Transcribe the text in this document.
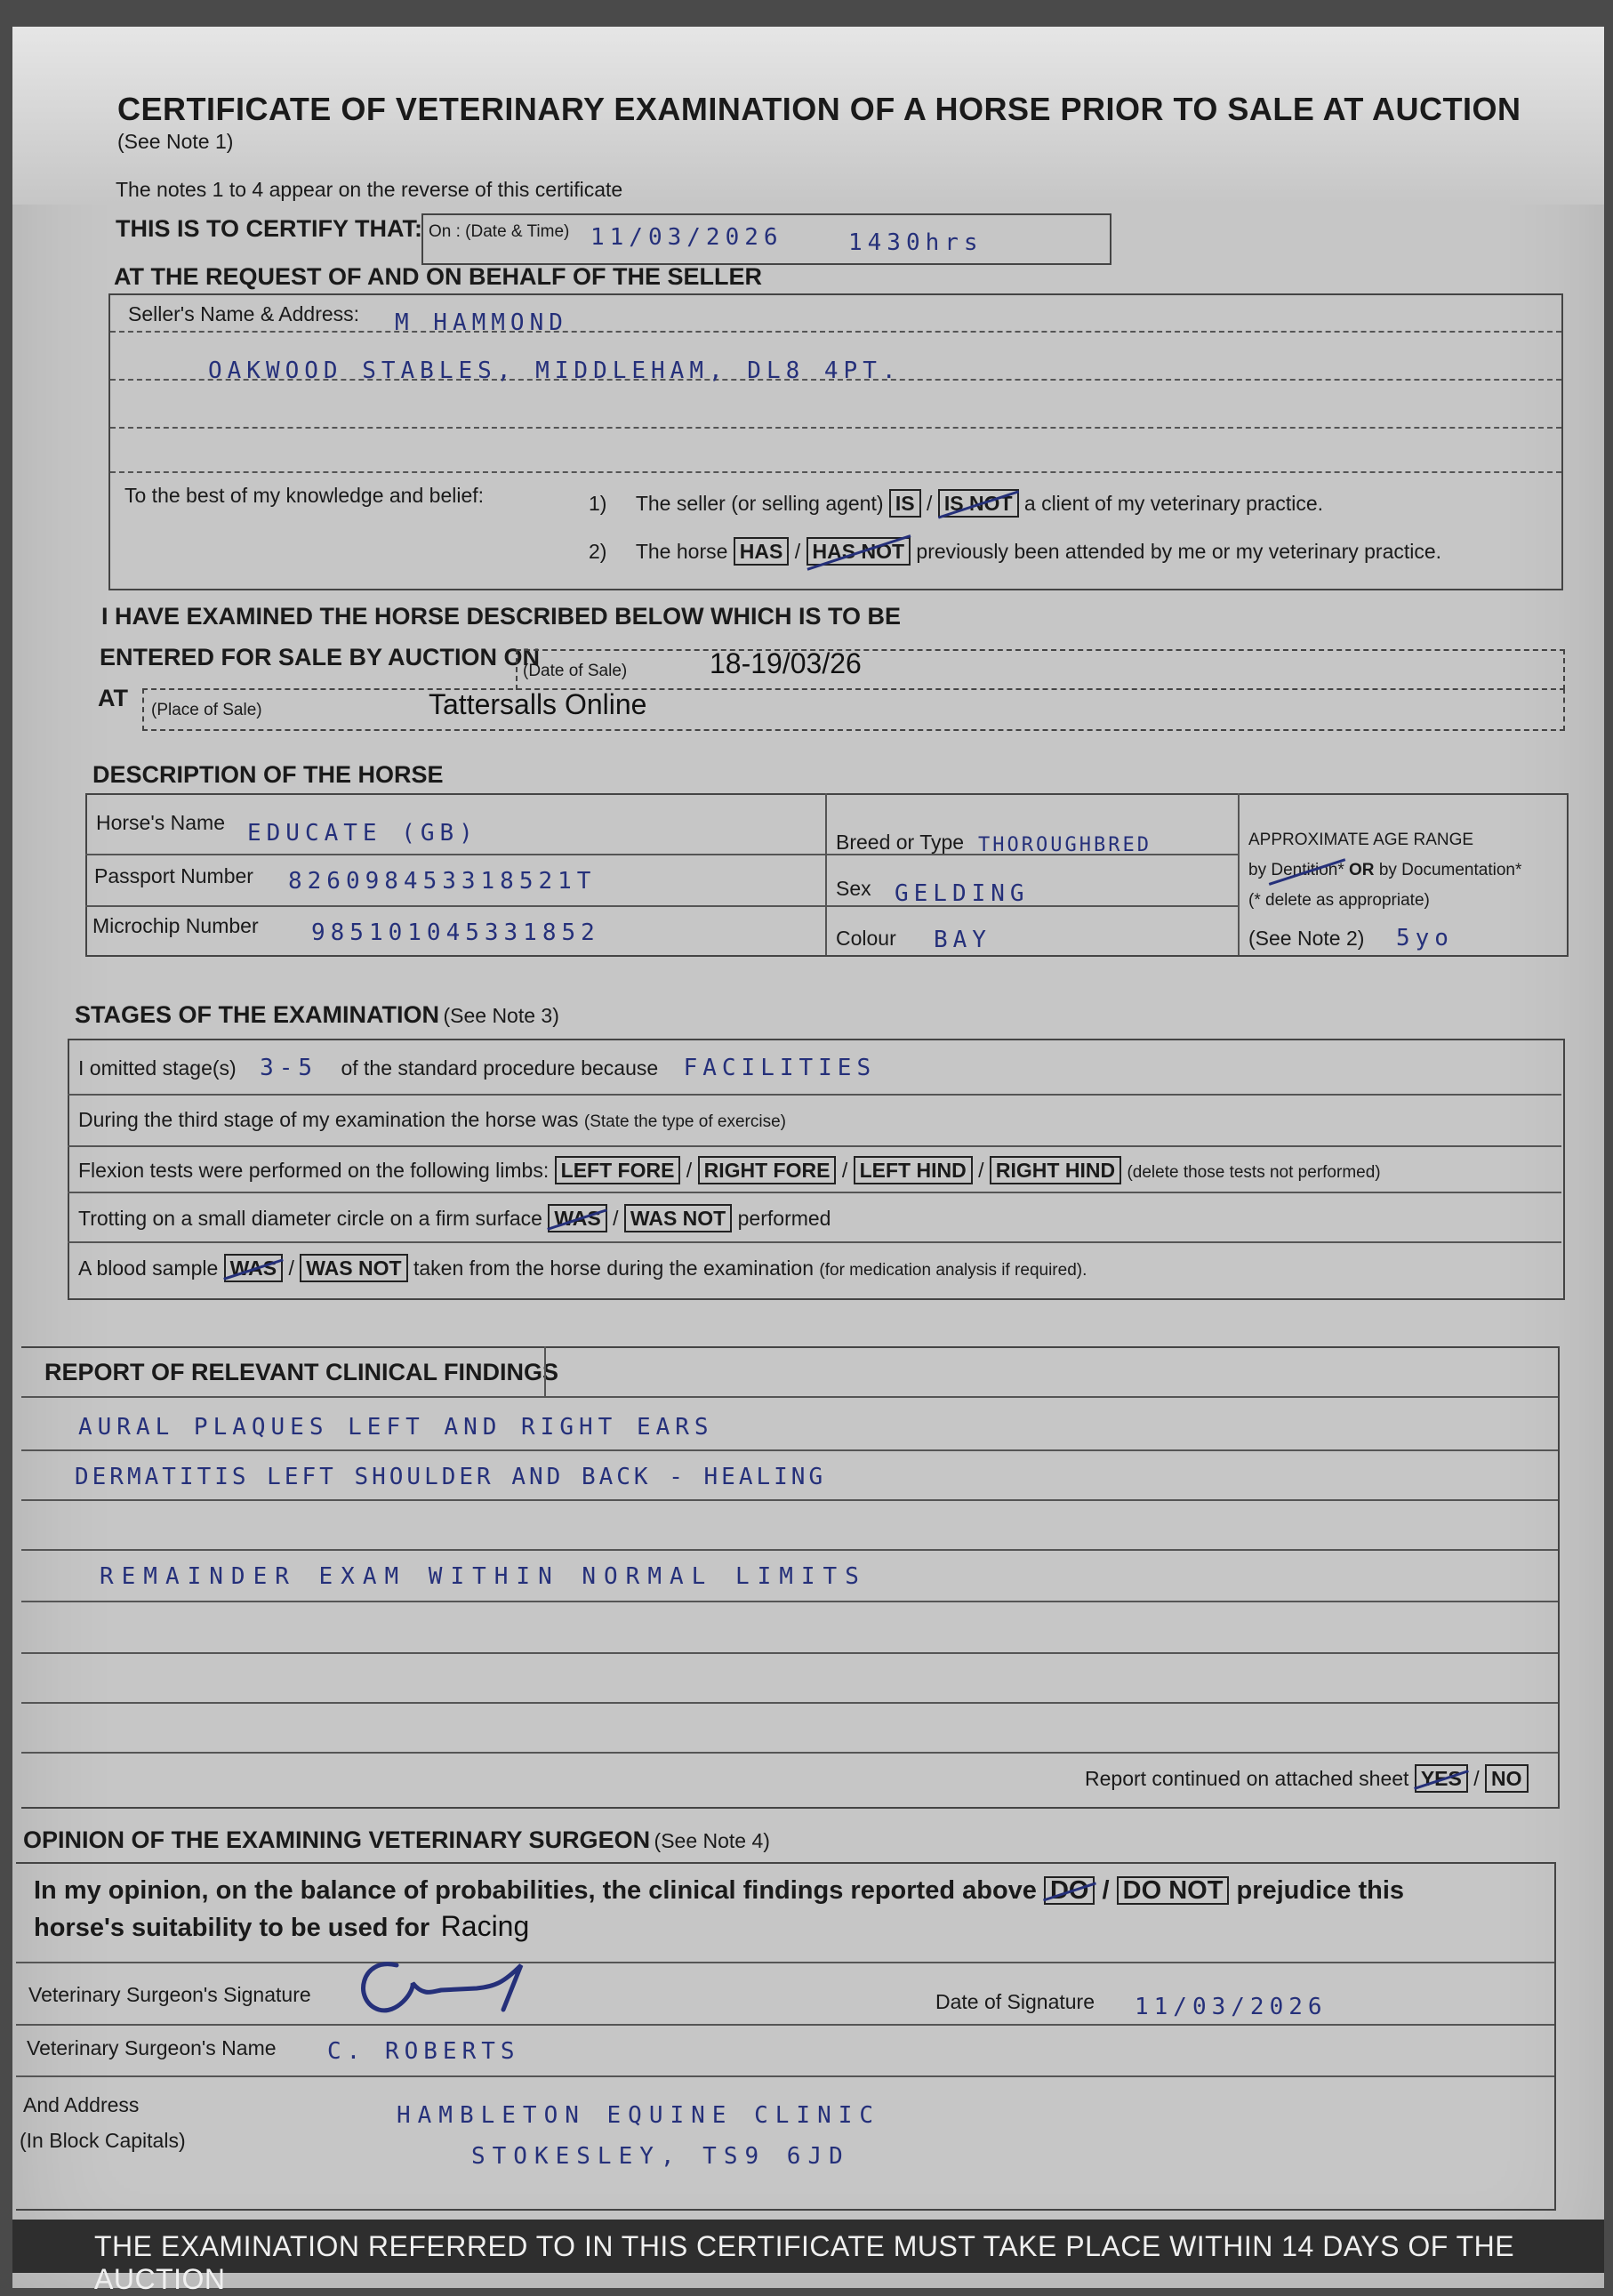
CERTIFICATE OF VETERINARY EXAMINATION OF A HORSE PRIOR TO SALE AT AUCTION
(See Note 1)
The notes 1 to 4 appear on the reverse of this certificate
THIS IS TO CERTIFY THAT: On : (Date & Time) 11/03/2026	1430hrs
AT THE REQUEST OF AND ON BEHALF OF THE SELLER
Seller's Name & Address: M HAMMOND
OAKWOOD STABLES, MIDDLEHAM, DL8 4PT.
To the best of my knowledge and belief:	1) The seller (or selling agent) IS / IS NOT a client of my veterinary practice.
2) The horse HAS / HAS NOT previously been attended by me or my veterinary practice.
I HAVE EXAMINED THE HORSE DESCRIBED BELOW WHICH IS TO BE
ENTERED FOR SALE BY AUCTION ON
(Date of Sale)	18-19/03/26
AT (Place of Sale)	Tattersalls Online
DESCRIPTION OF THE HORSE
Horse's Name EDUCATE (GB)
Passport Number 826098453318521T
Microchip Number 985101045331852
Breed or Type THOROUGHBRED
Sex GELDING
Colour BAY
APPROXIMATE AGE RANGE
by Dentition* OR by Documentation*
(* delete as appropriate)
(See Note 2) 5yo
STAGES OF THE EXAMINATION (See Note 3)
I omitted stage(s) 3-5 of the standard procedure because FACILITIES
During the third stage of my examination the horse was (State the type of exercise)
Flexion tests were performed on the following limbs: LEFT FORE / RIGHT FORE / LEFT HIND / RIGHT HIND (delete those tests not performed)
Trotting on a small diameter circle on a firm surface WAS / WAS NOT performed
A blood sample WAS / WAS NOT taken from the horse during the examination (for medication analysis if required).
REPORT OF RELEVANT CLINICAL FINDINGS
AURAL PLAQUES LEFT AND RIGHT EARS
DERMATITIS LEFT SHOULDER AND BACK - HEALING
REMAINDER EXAM WITHIN NORMAL LIMITS
Report continued on attached sheet YES / NO
OPINION OF THE EXAMINING VETERINARY SURGEON (See Note 4)
In my opinion, on the balance of probabilities, the clinical findings reported above DO / DO NOT prejudice this
horse's suitability to be used for Racing
Veterinary Surgeon's Signature	Date of Signature 11/03/2026
Veterinary Surgeon's Name C. ROBERTS
And Address
(In Block Capitals)
HAMBLETON EQUINE CLINIC
STOKESLEY, TS9 6JD
THE EXAMINATION REFERRED TO IN THIS CERTIFICATE MUST TAKE PLACE WITHIN 14 DAYS OF THE AUCTION
